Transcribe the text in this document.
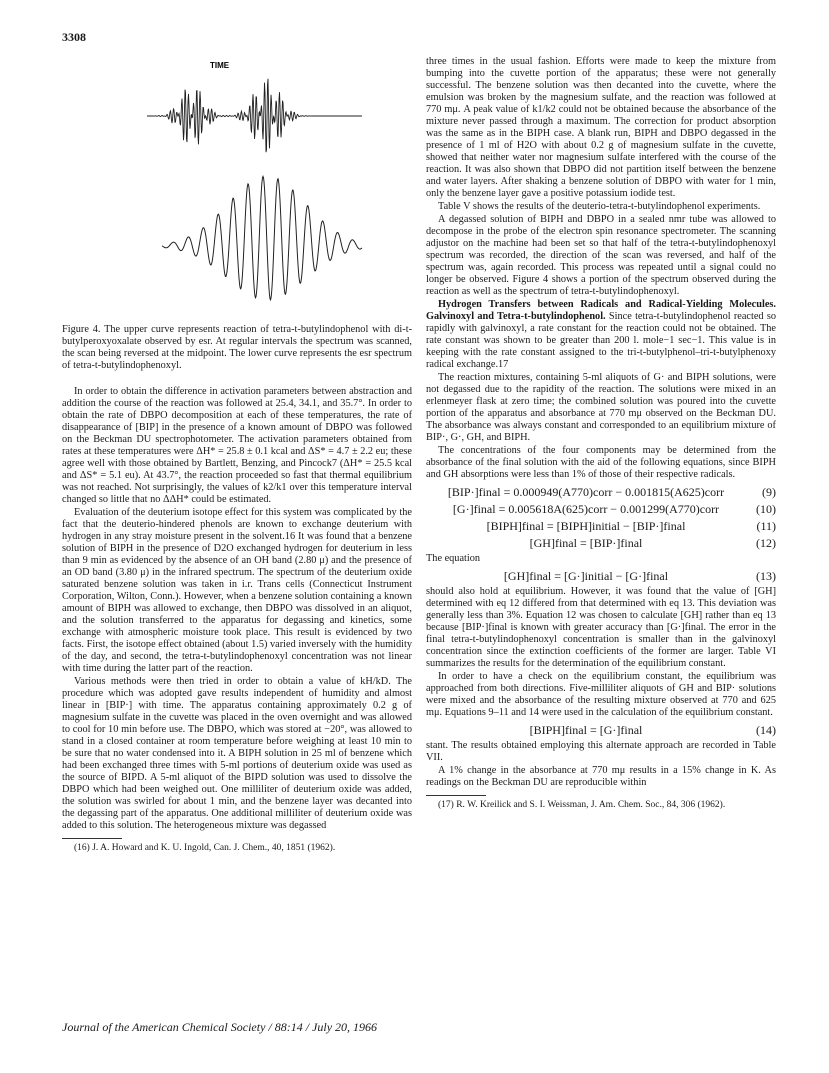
3308
TIME

Figure 4. The upper curve represents reaction of tetra-t-butylindophenol with di-t-butylperoxyoxalate observed by esr. At regular intervals the spectrum was scanned, the scan being reversed at the midpoint. The lower curve represents the esr spectrum of tetra-t-butylindophenoxyl.

In order to obtain the difference in activation parameters between abstraction and addition the course of the reaction was followed at 25.4, 34.1, and 35.7°. In order to obtain the rate of DBPO decomposition at each of these temperatures, the rate of disappearance of [BIP] in the presence of a known amount of DBPO was followed on the Beckman DU spectrophotometer. The activation parameters obtained from rates at these temperatures were ΔH* = 25.8 ± 0.1 kcal and ΔS* = 4.7 ± 2.2 eu; these agree well with those obtained by Bartlett, Benzing, and Pincock7 (ΔH* = 25.5 kcal and ΔS* = 5.1 eu). At 43.7°, the reaction proceeded so fast that thermal equilibrium was not reached. Not surprisingly, the values of k2/k1 over this temperature interval changed so little that no ΔΔH* could be estimated.

Evaluation of the deuterium isotope effect for this system was complicated by the fact that the deuterio-hindered phenols are known to exchange deuterium with hydrogen in any stray moisture present in the solvent.16 It was found that a benzene solution of BIPH in the presence of D2O exchanged hydrogen for deuterium in less than 9 min as evidenced by the absence of an OH band (2.80 μ) and the presence of an OD band (3.80 μ) in the infrared spectrum. The spectrum of the deuterium oxide saturated benzene solution was taken in i.r. Trans cells (Connecticut Instrument Corporation, Wilton, Conn.). However, when a benzene solution containing a known amount of BIPH was allowed to exchange, then DBPO was dissolved in an aliquot, and the solution transferred to the apparatus for degassing and kinetics, some exchange with atmospheric moisture took place. This result is evidenced by two facts. First, the isotope effect obtained (about 1.5) varied inversely with the humidity of the day, and second, the tetra-t-butylindophenoxyl concentration was not linear with time during the latter part of the reaction.

Various methods were then tried in order to obtain a value of kH/kD. The procedure which was adopted gave results independent of humidity and almost linear in [BIP·] with time. The apparatus containing approximately 0.2 g of magnesium sulfate in the cuvette was placed in the oven overnight and was allowed to cool for 10 min before use. The DBPO, which was stored at −20°, was allowed to stand in a closed container at room temperature before weighing at least 10 min to be sure that no water condensed into it. A BIPH solution in 25 ml of benzene which had been exchanged three times with 5-ml portions of deuterium oxide was used as the source of BIPD. A 5-ml aliquot of the BIPD solution was used to dissolve the DBPO which had been weighed out. One milliliter of deuterium oxide was added, the solution was swirled for about 1 min, and the benzene layer was decanted into the degassing part of the apparatus. One additional milliliter of deuterium oxide was added to this solution. The heterogeneous mixture was degassed

(16) J. A. Howard and K. U. Ingold, Can. J. Chem., 40, 1851 (1962).

three times in the usual fashion. Efforts were made to keep the mixture from bumping into the cuvette portion of the apparatus; these were not generally successful. The benzene solution was then decanted into the cuvette, where the emulsion was broken by the magnesium sulfate, and the reaction was followed at 770 mμ. A peak value of k1/k2 could not be obtained because the absorbance of the mixture never passed through a maximum. The correction for product absorption was the same as in the BIPH case. A blank run, BIPH and DBPO degassed in the presence of 1 ml of H2O with about 0.2 g of magnesium sulfate in the cuvette, showed that neither water nor magnesium sulfate interfered with the course of the reaction. It was also shown that DBPO did not partition itself between the benzene and water layers. After shaking a benzene solution of DBPO with water for 1 min, only the benzene layer gave a positive potassium iodide test.

Table V shows the results of the deuterio-tetra-t-butylindophenol experiments.

A degassed solution of BIPH and DBPO in a sealed nmr tube was allowed to decompose in the probe of the electron spin resonance spectrometer. The scanning adjustor on the machine had been set so that half of the tetra-t-butylindophenoxyl spectrum was recorded, the direction of the scan was reversed, and half of the spectrum was, again recorded. This process was repeated until a signal could no longer be observed. Figure 4 shows a portion of the spectrum observed during the reaction as well as the spectrum of tetra-t-butylindophenoxyl.

Hydrogen Transfers between Radicals and Radical-Yielding Molecules. Galvinoxyl and Tetra-t-butylindophenol. Since tetra-t-butylindophenol reacted so rapidly with galvinoxyl, a rate constant for the reaction could not be obtained. The rate constant was shown to be greater than 200 l. mole−1 sec−1. This value is in keeping with the rate constant assigned to the tri-t-butylphenol–tri-t-butylphenoxy radical exchange.17

The reaction mixtures, containing 5-ml aliquots of G· and BIPH solutions, were not degassed due to the rapidity of the reaction. The solutions were mixed in an erlenmeyer flask at zero time; the combined solution was poured into the cuvette portion of the apparatus and absorbance at 770 mμ observed on the Beckman DU. The absorbance was always constant and corresponded to an equilibrium mixture of BIP·, G·, GH, and BIPH.

The concentrations of the four components may be determined from the absorbance of the final solution with the aid of the following equations, since BIPH and GH absorptions were less than 1% of those of their respective radicals.

[BIP·]final = 0.000949(A770)corr − 0.001815(A625)corr	(9)
[G·]final = 0.005618A(625)corr − 0.001299(A770)corr	(10)
[BIPH]final = [BIPH]initial − [BIP·]final	(11)
[GH]final = [BIP·]final	(12)

The equation

[GH]final = [G·]initial − [G·]final	(13)

should also hold at equilibrium. However, it was found that the value of [GH] determined with eq 12 differed from that determined with eq 13. This deviation was generally less than 3%. Equation 12 was chosen to calculate [GH] rather than eq 13 because [BIP·]final is known with greater accuracy than [G·]final. The error in the final tetra-t-butylindophenoxyl concentration is smaller than in the galvinoxyl concentration since the extinction coefficients of the former are larger. Table VI summarizes the results for the determination of the equilibrium constant.

In order to have a check on the equilibrium constant, the equilibrium was approached from both directions. Five-milliliter aliquots of GH and BIP· solutions were mixed and the absorbance of the resulting mixture observed at 770 and 625 mμ. Equations 9–11 and 14 were used in the calculation of the equilibrium constant.

[BIPH]final = [G·]final	(14)

stant. The results obtained employing this alternate approach are recorded in Table VII.

A 1% change in the absorbance at 770 mμ results in a 15% change in K. As readings on the Beckman DU are reproducible within

(17) R. W. Kreilick and S. I. Weissman, J. Am. Chem. Soc., 84, 306 (1962).

Journal of the American Chemical Society / 88:14 / July 20, 1966
